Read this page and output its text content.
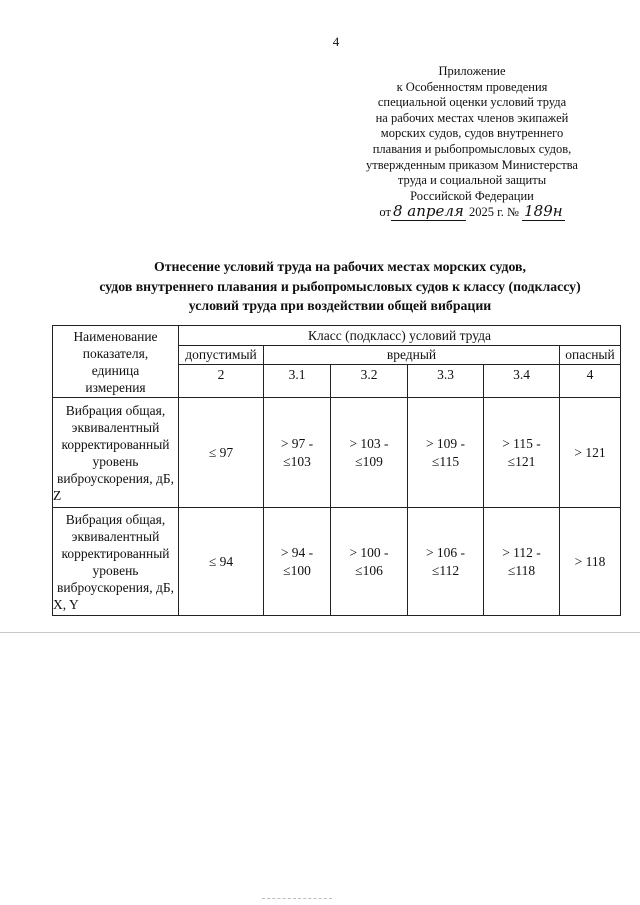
4
Приложение
к Особенностям проведения
специальной оценки условий труда
на рабочих местах членов экипажей
морских судов, судов внутреннего
плавания и рыбопромысловых судов,
утвержденным приказом Министерства
труда и социальной защиты
Российской Федерации
от 8 апреля 2025 г. № 189н
Отнесение условий труда на рабочих местах морских судов,
судов внутреннего плавания и рыбопромысловых судов к классу (подклассу)
условий труда при воздействии общей вибрации
Наименование
показателя,
единица
измерения	Класс (подкласс) условий труда					
	допустимый	вредный				опасный
	2	3.1	3.2	3.3	3.4	4
Вибрация общая, эквивалентный корректированный уровень виброускорения, дБ, Z	≤ 97	> 97 -
≤103	> 103 -
≤109	> 109 -
≤115	> 115 -
≤121	> 121
Вибрация общая, эквивалентный корректированный уровень виброускорения, дБ, X, Y	≤ 94	> 94 -
≤100	> 100 -
≤106	> 106 -
≤112	> 112 -
≤118	> 118
